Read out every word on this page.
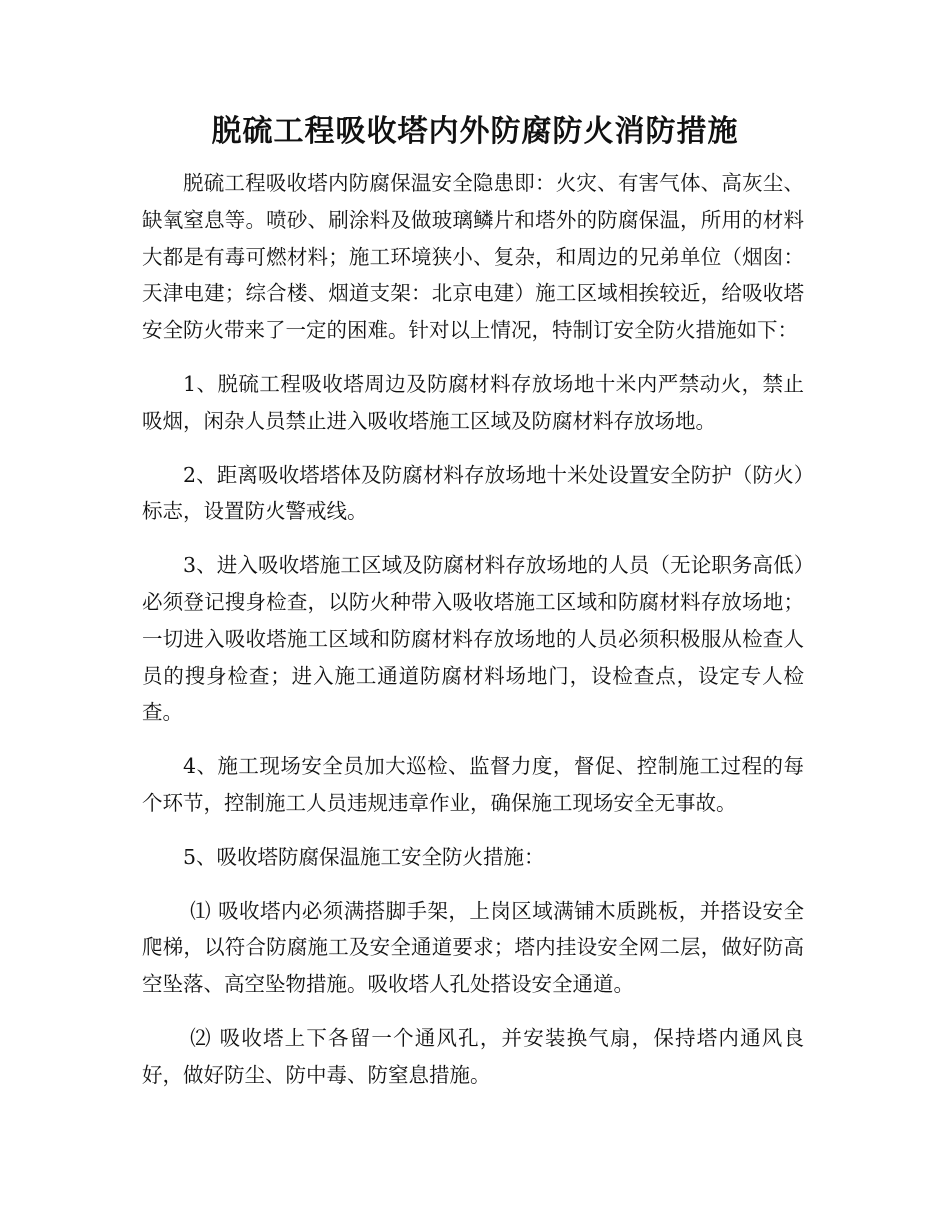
脱硫工程吸收塔内外防腐防火消防措施

脱硫工程吸收塔内防腐保温安全隐患即：火灾、有害气体、高灰尘、缺氧窒息等。喷砂、刷涂料及做玻璃鳞片和塔外的防腐保温，所用的材料大都是有毒可燃材料；施工环境狭小、复杂，和周边的兄弟单位（烟囱：天津电建；综合楼、烟道支架：北京电建）施工区域相挨较近，给吸收塔安全防火带来了一定的困难。针对以上情况，特制订安全防火措施如下：

1、脱硫工程吸收塔周边及防腐材料存放场地十米内严禁动火，禁止吸烟，闲杂人员禁止进入吸收塔施工区域及防腐材料存放场地。

2、距离吸收塔塔体及防腐材料存放场地十米处设置安全防护（防火）标志，设置防火警戒线。

3、进入吸收塔施工区域及防腐材料存放场地的人员（无论职务高低）必须登记搜身检查，以防火种带入吸收塔施工区域和防腐材料存放场地；一切进入吸收塔施工区域和防腐材料存放场地的人员必须积极服从检查人员的搜身检查；进入施工通道防腐材料场地门，设检查点，设定专人检查。

4、施工现场安全员加大巡检、监督力度，督促、控制施工过程的每个环节，控制施工人员违规违章作业，确保施工现场安全无事故。

5、吸收塔防腐保温施工安全防火措施：

⑴ 吸收塔内必须满搭脚手架，上岗区域满铺木质跳板，并搭设安全爬梯，以符合防腐施工及安全通道要求；塔内挂设安全网二层，做好防高空坠落、高空坠物措施。吸收塔人孔处搭设安全通道。

⑵ 吸收塔上下各留一个通风孔，并安装换气扇，保持塔内通风良好，做好防尘、防中毒、防窒息措施。
